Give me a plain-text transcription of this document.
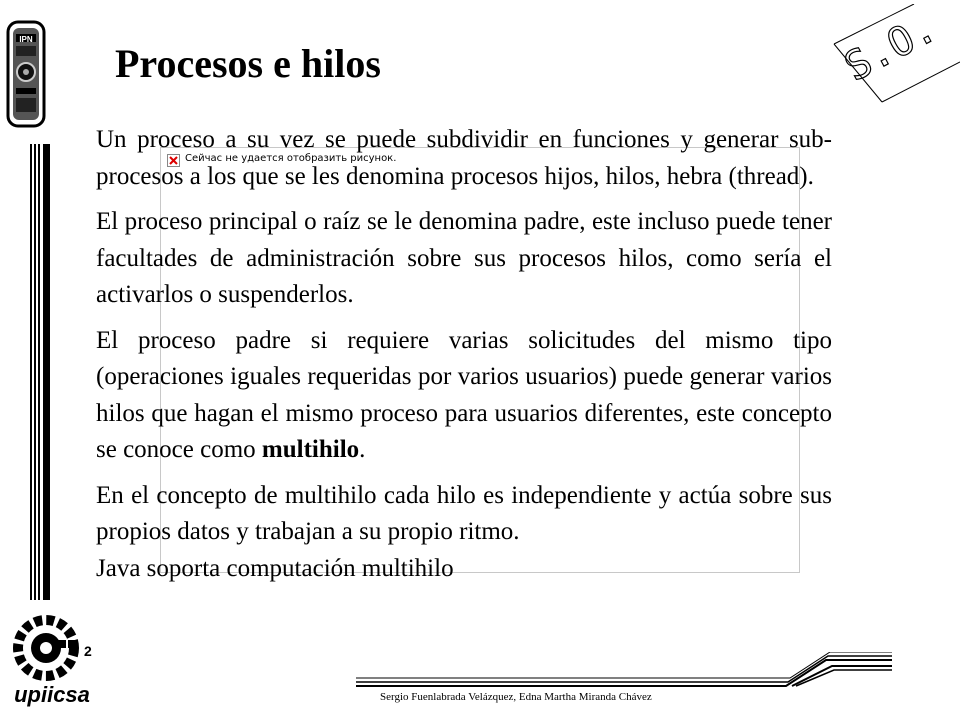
IPN	S.O.
Procesos e hilos
Сейчас не удается отобразить рисунок.

Un proceso a su vez se puede subdividir en funciones y generar sub-procesos a los que se les denomina procesos hijos, hilos, hebra (thread).

El proceso principal o raíz se le denomina padre, este incluso puede tener facultades de administración sobre sus procesos hilos, como sería el activarlos o suspenderlos.

El proceso padre si requiere varias solicitudes del mismo tipo (operaciones iguales requeridas por varios usuarios) puede generar varios hilos que hagan el mismo proceso para usuarios diferentes, este concepto se conoce como multihilo.

En el concepto de multihilo cada hilo es independiente y actúa sobre sus propios datos y trabajan a su propio ritmo.

Java soporta computación multihilo

2
upiicsa	Sergio Fuenlabrada Velázquez, Edna Martha Miranda Chávez
